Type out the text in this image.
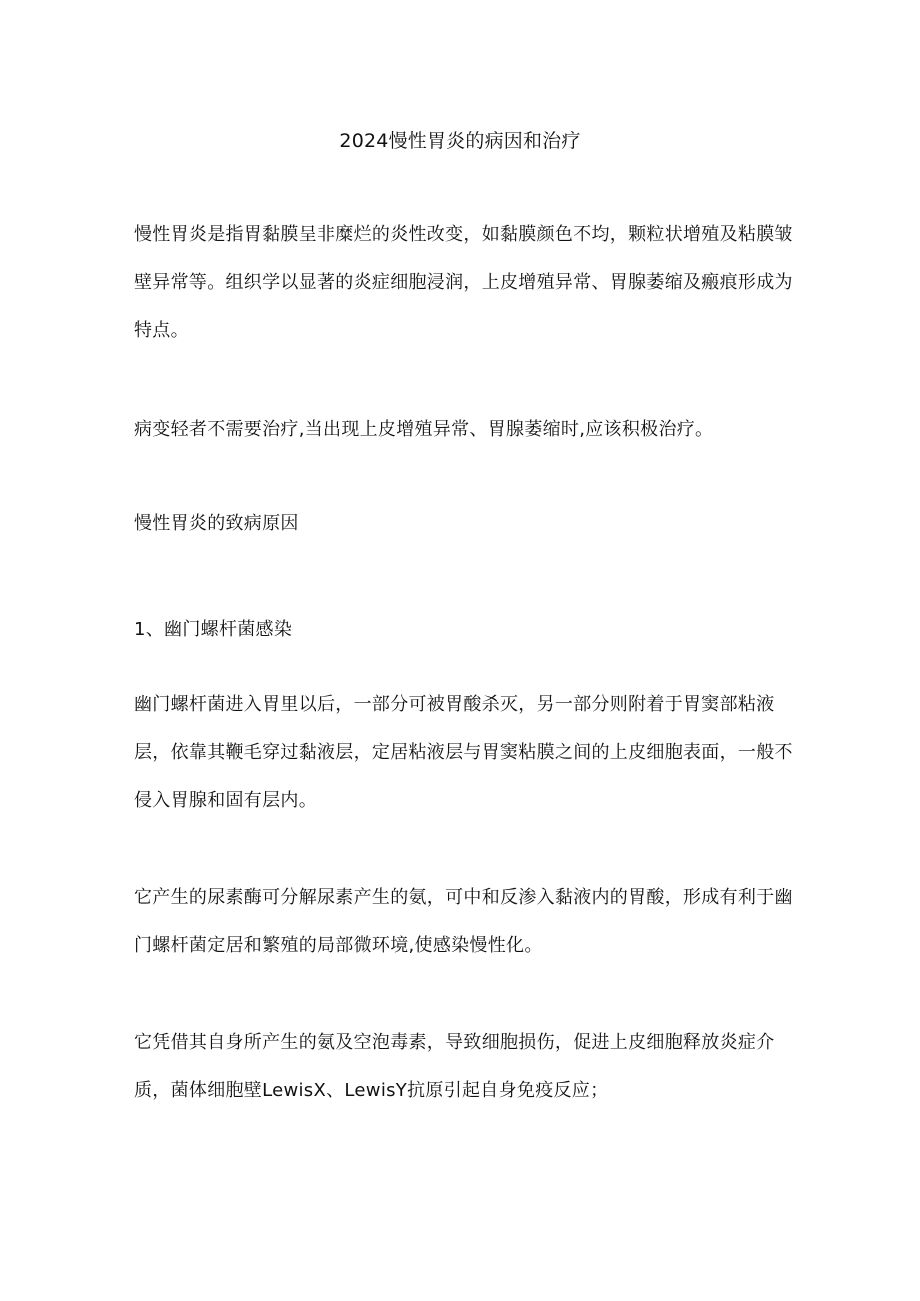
2024慢性胃炎的病因和治疗

慢性胃炎是指胃黏膜呈非糜烂的炎性改变，如黏膜颜色不均，颗粒状增殖及粘膜皱壁异常等。组织学以显著的炎症细胞浸润，上皮增殖异常、胃腺萎缩及瘢痕形成为特点。

病变轻者不需要治疗,当出现上皮增殖异常、胃腺萎缩时,应该积极治疗。

慢性胃炎的致病原因

1、幽门螺杆菌感染

幽门螺杆菌进入胃里以后，一部分可被胃酸杀灭，另一部分则附着于胃窦部粘液层，依靠其鞭毛穿过黏液层，定居粘液层与胃窦粘膜之间的上皮细胞表面，一般不侵入胃腺和固有层内。

它产生的尿素酶可分解尿素产生的氨，可中和反渗入黏液内的胃酸，形成有利于幽门螺杆菌定居和繁殖的局部微环境,使感染慢性化。

它凭借其自身所产生的氨及空泡毒素，导致细胞损伤，促进上皮细胞释放炎症介质，菌体细胞壁LewisX、LewisY抗原引起自身免疫反应；
